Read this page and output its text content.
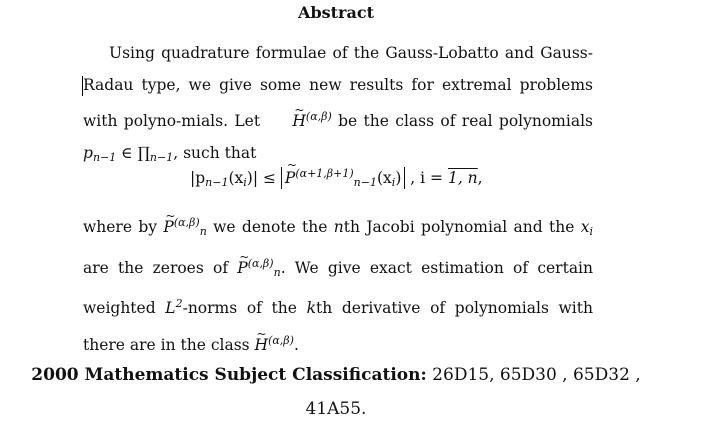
Abstract
Using quadrature formulae of the Gauss-Lobatto and Gauss-Radau type, we give some new results for extremal problems with polyno-mials. Let ~ $H^{(\alpha,\beta)}$ be the class of real polynomials $p_{n-1}$ ∈ $\prod_{n-1}$, such that
$|p_{n-1}(x_i)|$ ≤ ~ $P^{(\alpha+1,\beta+1)}_{n-1}(x_i)$ , i = 1, n,
where by ~ $P^{(\alpha,\beta)}_n$ we denote the nth Jacobi polynomial and the $x_i$ are the zeroes of ~ $P^{(\alpha,\beta)}_n$. We give exact estimation of certain weighted $L^2$-norms of the kth derivative of polynomials with there are in the class ~ $H^{(\alpha,\beta)}$.
2000 Mathematics Subject Classification: 26D15, 65D30 , 65D32 , 41A55.
